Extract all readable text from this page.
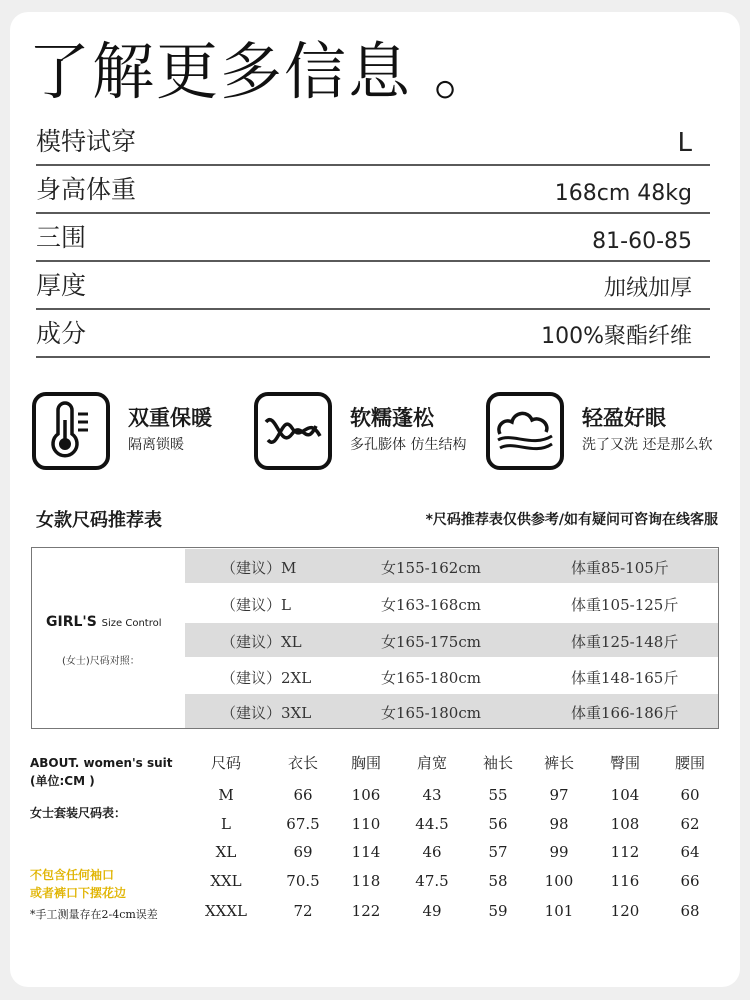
了解更多信息 。
模特试穿	L
身高体重	168cm 48kg
三围	81-60-85
厚度	加绒加厚
成分	100%聚酯纤维
双重保暖
隔离锁暖
软糯蓬松
多孔膨体 仿生结构
轻盈好眼
洗了又洗 还是那么软
女款尺码推荐表	*尺码推荐表仅供参考/如有疑问可咨询在线客服
GIRL'S Size Control
(女士)尺码对照：
（建议）M	女155-162cm	体重85-105斤
（建议）L	女163-168cm	体重105-125斤
（建议）XL	女165-175cm	体重125-148斤
（建议）2XL	女165-180cm	体重148-165斤
（建议）3XL	女165-180cm	体重166-186斤
ABOUT. women's suit
(单位:CM )
女士套装尺码表：
不包含任何袖口
或者裤口下摆花边
*手工测量存在2-4cm误差
尺码	衣长	胸围	肩宽	袖长	裤长	臀围	腰围
M	66	106	43	55	97	104	60
L	67.5	110	44.5	56	98	108	62
XL	69	114	46	57	99	112	64
XXL	70.5	118	47.5	58	100	116	66
XXXL	72	122	49	59	101	120	68
